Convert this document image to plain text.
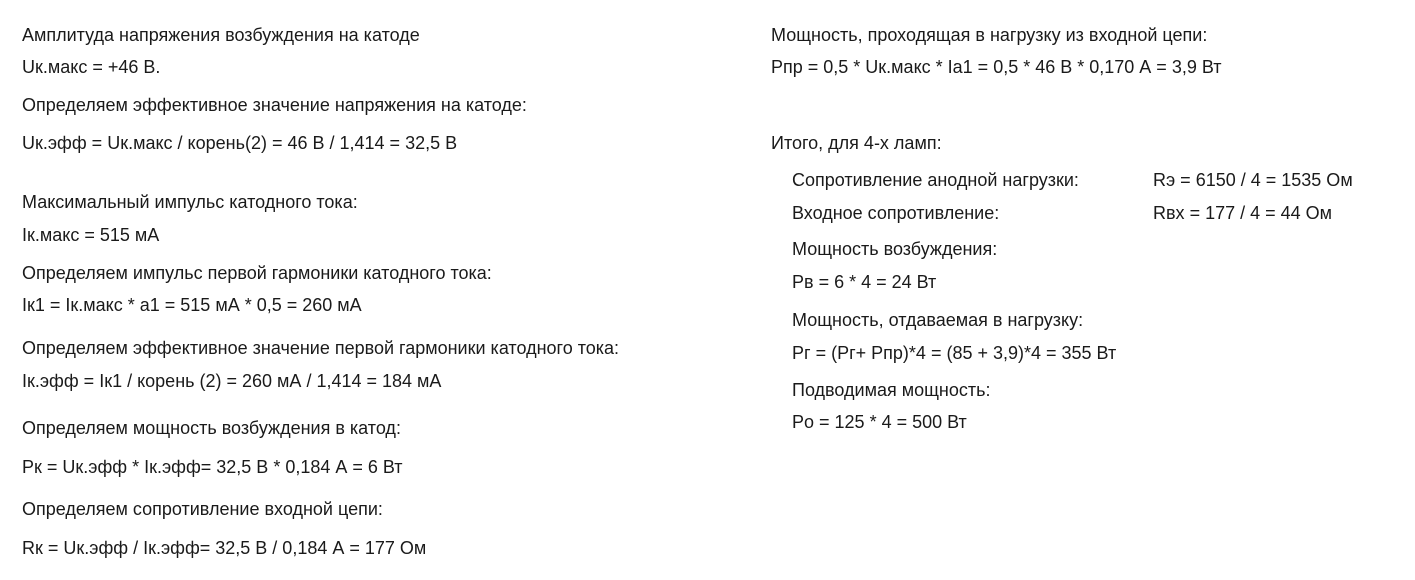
Амплитуда напряжения возбуждения на катоде

Uк.макс = +46 В.

Определяем эффективное значение напряжения на катоде:

Uк.эфф = Uк.макс / корень(2) = 46 В / 1,414 = 32,5 В

Максимальный импульс катодного тока:

Iк.макс = 515 мА

Определяем импульс первой гармоники катодного тока:

Iк1 = Iк.макс * а1 = 515 мА * 0,5 = 260 мА

Определяем эффективное значение первой гармоники катодного тока:

Iк.эфф = Iк1 / корень (2) = 260 мА / 1,414 = 184 мА

Определяем мощность возбуждения в катод:

Pк = Uк.эфф * Iк.эфф= 32,5 В * 0,184 А = 6 Вт

Определяем сопротивление входной цепи:

Rк = Uк.эфф / Iк.эфф= 32,5 В / 0,184 А = 177 Ом

Мощность, проходящая в нагрузку из входной цепи:

Pпр = 0,5 * Uк.макс * Iа1 = 0,5 * 46 В * 0,170 А = 3,9 Вт

Итого, для 4-х ламп:

Сопротивление анодной нагрузки:	Rэ = 6150 / 4 = 1535 Ом

Входное сопротивление:	Rвх = 177 / 4 = 44 Ом

Мощность возбуждения:

Pв = 6 * 4 = 24 Вт

Мощность, отдаваемая в нагрузку:

Pг = (Pг+ Pпр)*4 = (85 + 3,9)*4 = 355 Вт

Подводимая мощность:

Pо = 125 * 4 = 500 Вт
